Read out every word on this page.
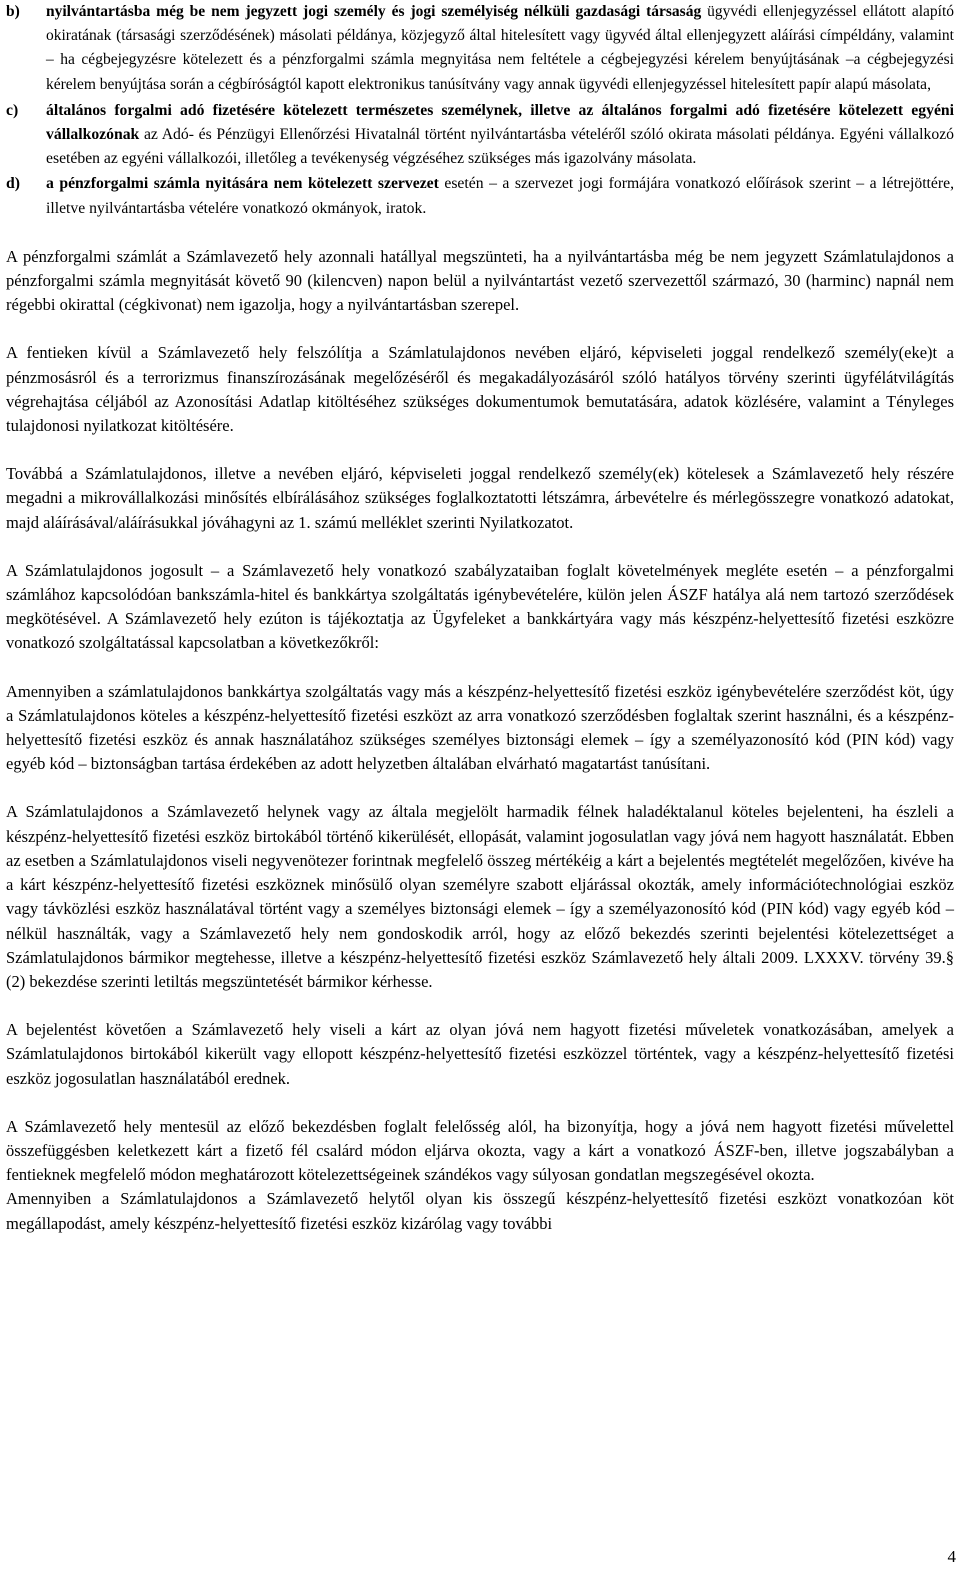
b) nyilvántartásba még be nem jegyzett jogi személy és jogi személyiség nélküli gazdasági társaság ügyvédi ellenjegyzéssel ellátott alapító okiratának (társasági szerződésének) másolati példánya, közjegyző által hitelesített vagy ügyvéd által ellenjegyzett aláírási címpéldány, valamint – ha cégbejegyzésre kötelezett és a pénzforgalmi számla megnyitása nem feltétele a cégbejegyzési kérelem benyújtásának –a cégbejegyzési kérelem benyújtása során a cégbíróságtól kapott elektronikus tanúsítvány vagy annak ügyvédi ellenjegyzéssel hitelesített papír alapú másolata,
c) általános forgalmi adó fizetésére kötelezett természetes személynek, illetve az általános forgalmi adó fizetésére kötelezett egyéni vállalkozónak az Adó- és Pénzügyi Ellenőrzési Hivatalnál történt nyilvántartásba vételéről szóló okirata másolati példánya. Egyéni vállalkozó esetében az egyéni vállalkozói, illetőleg a tevékenység végzéséhez szükséges más igazolvány másolata.
d) a pénzforgalmi számla nyitására nem kötelezett szervezet esetén – a szervezet jogi formájára vonatkozó előírások szerint – a létrejöttére, illetve nyilvántartásba vételére vonatkozó okmányok, iratok.

A pénzforgalmi számlát a Számlavezető hely azonnali hatállyal megszünteti, ha a nyilvántartásba még be nem jegyzett Számlatulajdonos a pénzforgalmi számla megnyitását követő 90 (kilencven) napon belül a nyilvántartást vezető szervezettől származó, 30 (harminc) napnál nem régebbi okirattal (cégkivonat) nem igazolja, hogy a nyilvántartásban szerepel.

A fentieken kívül a Számlavezető hely felszólítja a Számlatulajdonos nevében eljáró, képviseleti joggal rendelkező személy(eke)t a pénzmosásról és a terrorizmus finanszírozásának megelőzéséről és megakadályozásáról szóló hatályos törvény szerinti ügyfélátvilágítás végrehajtása céljából az Azonosítási Adatlap kitöltéséhez szükséges dokumentumok bemutatására, adatok közlésére, valamint a Tényleges tulajdonosi nyilatkozat kitöltésére.

Továbbá a Számlatulajdonos, illetve a nevében eljáró, képviseleti joggal rendelkező személy(ek) kötelesek a Számlavezető hely részére megadni a mikrovállalkozási minősítés elbírálásához szükséges foglalkoztatotti létszámra, árbevételre és mérlegösszegre vonatkozó adatokat, majd aláírásával/aláírásukkal jóváhagyni az 1. számú melléklet szerinti Nyilatkozatot.

A Számlatulajdonos jogosult – a Számlavezető hely vonatkozó szabályzataiban foglalt követelmények megléte esetén – a pénzforgalmi számlához kapcsolódóan bankszámla-hitel és bankkártya szolgáltatás igénybevételére, külön jelen ÁSZF hatálya alá nem tartozó szerződések megkötésével. A Számlavezető hely ezúton is tájékoztatja az Ügyfeleket a bankkártyára vagy más készpénz-helyettesítő fizetési eszközre vonatkozó szolgáltatással kapcsolatban a következőkről:

Amennyiben a számlatulajdonos bankkártya szolgáltatás vagy más a készpénz-helyettesítő fizetési eszköz igénybevételére szerződést köt, úgy a Számlatulajdonos köteles a készpénz-helyettesítő fizetési eszközt az arra vonatkozó szerződésben foglaltak szerint használni, és a készpénz-helyettesítő fizetési eszköz és annak használatához szükséges személyes biztonsági elemek – így a személyazonosító kód (PIN kód) vagy egyéb kód – biztonságban tartása érdekében az adott helyzetben általában elvárható magatartást tanúsítani.

A Számlatulajdonos a Számlavezető helynek vagy az általa megjelölt harmadik félnek haladéktalanul köteles bejelenteni, ha észleli a készpénz-helyettesítő fizetési eszköz birtokából történő kikerülését, ellopását, valamint jogosulatlan vagy jóvá nem hagyott használatát. Ebben az esetben a Számlatulajdonos viseli negyvenötezer forintnak megfelelő összeg mértékéig a kárt a bejelentés megtételét megelőzően, kivéve ha a kárt készpénz-helyettesítő fizetési eszköznek minősülő olyan személyre szabott eljárással okozták, amely információtechnológiai eszköz vagy távközlési eszköz használatával történt vagy a személyes biztonsági elemek – így a személyazonosító kód (PIN kód) vagy egyéb kód – nélkül használták, vagy a Számlavezető hely nem gondoskodik arról, hogy az előző bekezdés szerinti bejelentési kötelezettséget a Számlatulajdonos bármikor megtehesse, illetve a készpénz-helyettesítő fizetési eszköz Számlavezető hely általi 2009. LXXXV. törvény 39.§ (2) bekezdése szerinti letiltás megszüntetését bármikor kérhesse.

A bejelentést követően a Számlavezető hely viseli a kárt az olyan jóvá nem hagyott fizetési műveletek vonatkozásában, amelyek a Számlatulajdonos birtokából kikerült vagy ellopott készpénz-helyettesítő fizetési eszközzel történtek, vagy a készpénz-helyettesítő fizetési eszköz jogosulatlan használatából erednek.

A Számlavezető hely mentesül az előző bekezdésben foglalt felelősség alól, ha bizonyítja, hogy a jóvá nem hagyott fizetési művelettel összefüggésben keletkezett kárt a fizető fél csalárd módon eljárva okozta, vagy a kárt a vonatkozó ÁSZF-ben, illetve jogszabályban a fentieknek megfelelő módon meghatározott kötelezettségeinek szándékos vagy súlyosan gondatlan megszegésével okozta.

Amennyiben a Számlatulajdonos a Számlavezető helytől olyan kis összegű készpénz-helyettesítő fizetési eszközt vonatkozóan köt megállapodást, amely készpénz-helyettesítő fizetési eszköz kizárólag vagy további

4
